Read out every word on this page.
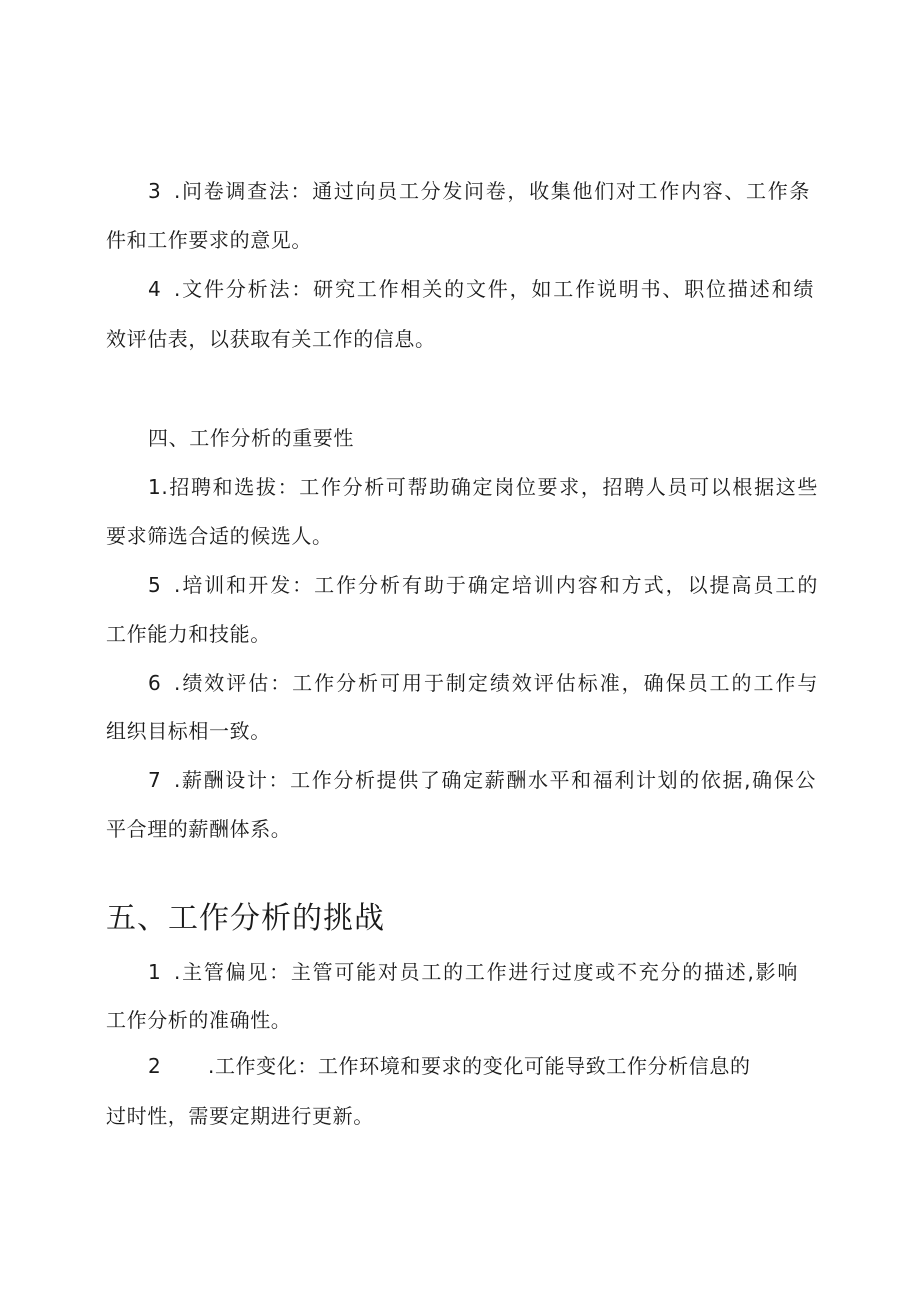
3 .问卷调查法：通过向员工分发问卷，收集他们对工作内容、工作条
件和工作要求的意见。
4 .文件分析法：研究工作相关的文件，如工作说明书、职位描述和绩
效评估表，以获取有关工作的信息。
四、工作分析的重要性
1.招聘和选拔：工作分析可帮助确定岗位要求，招聘人员可以根据这些
要求筛选合适的候选人。
5 .培训和开发：工作分析有助于确定培训内容和方式，以提高员工的
工作能力和技能。
6 .绩效评估：工作分析可用于制定绩效评估标准，确保员工的工作与
组织目标相一致。
7 .薪酬设计：工作分析提供了确定薪酬水平和福利计划的依据,确保公
平合理的薪酬体系。
五、工作分析的挑战
1 .主管偏见：主管可能对员工的工作进行过度或不充分的描述,影响
工作分析的准确性。
2 .工作变化：工作环境和要求的变化可能导致工作分析信息的
过时性，需要定期进行更新。
